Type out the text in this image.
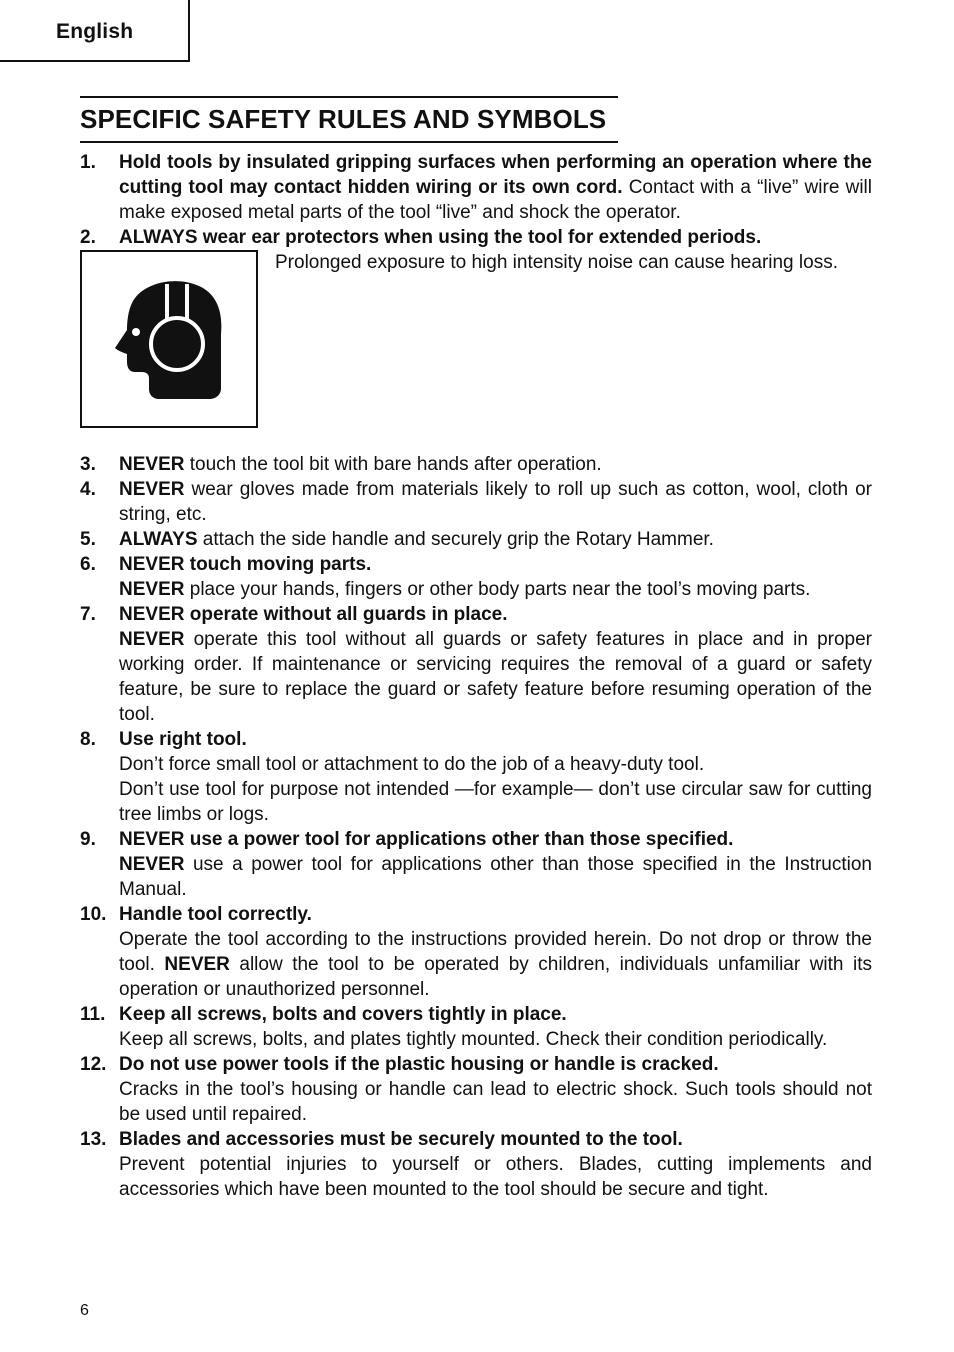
English
SPECIFIC SAFETY RULES AND SYMBOLS
1.	Hold tools by insulated gripping surfaces when performing an operation where the cutting tool may contact hidden wiring or its own cord. Contact with a “live” wire will make exposed metal parts of the tool “live” and shock the operator.
2.	ALWAYS wear ear protectors when using the tool for extended periods.
Prolonged exposure to high intensity noise can cause hearing loss.
3.	NEVER touch the tool bit with bare hands after operation.
4.	NEVER wear gloves made from materials likely to roll up such as cotton, wool, cloth or string, etc.
5.	ALWAYS attach the side handle and securely grip the Rotary Hammer.
6.	NEVER touch moving parts.
NEVER place your hands, fingers or other body parts near the tool’s moving parts.
7.	NEVER operate without all guards in place.
NEVER operate this tool without all guards or safety features in place and in proper working order. If maintenance or servicing requires the removal of a guard or safety feature, be sure to replace the guard or safety feature before resuming operation of the tool.
8.	Use right tool.
Don’t force small tool or attachment to do the job of a heavy-duty tool.
Don’t use tool for purpose not intended —for example— don’t use circular saw for cutting tree limbs or logs.
9.	NEVER use a power tool for applications other than those specified.
NEVER use a power tool for applications other than those specified in the Instruction Manual.
10. Handle tool correctly.
Operate the tool according to the instructions provided herein. Do not drop or throw the tool. NEVER allow the tool to be operated by children, individuals unfamiliar with its operation or unauthorized personnel.
11. Keep all screws, bolts and covers tightly in place.
Keep all screws, bolts, and plates tightly mounted. Check their condition periodically.
12. Do not use power tools if the plastic housing or handle is cracked.
Cracks in the tool’s housing or handle can lead to electric shock. Such tools should not be used until repaired.
13. Blades and accessories must be securely mounted to the tool.
Prevent potential injuries to yourself or others. Blades, cutting implements and accessories which have been mounted to the tool should be secure and tight.
6
